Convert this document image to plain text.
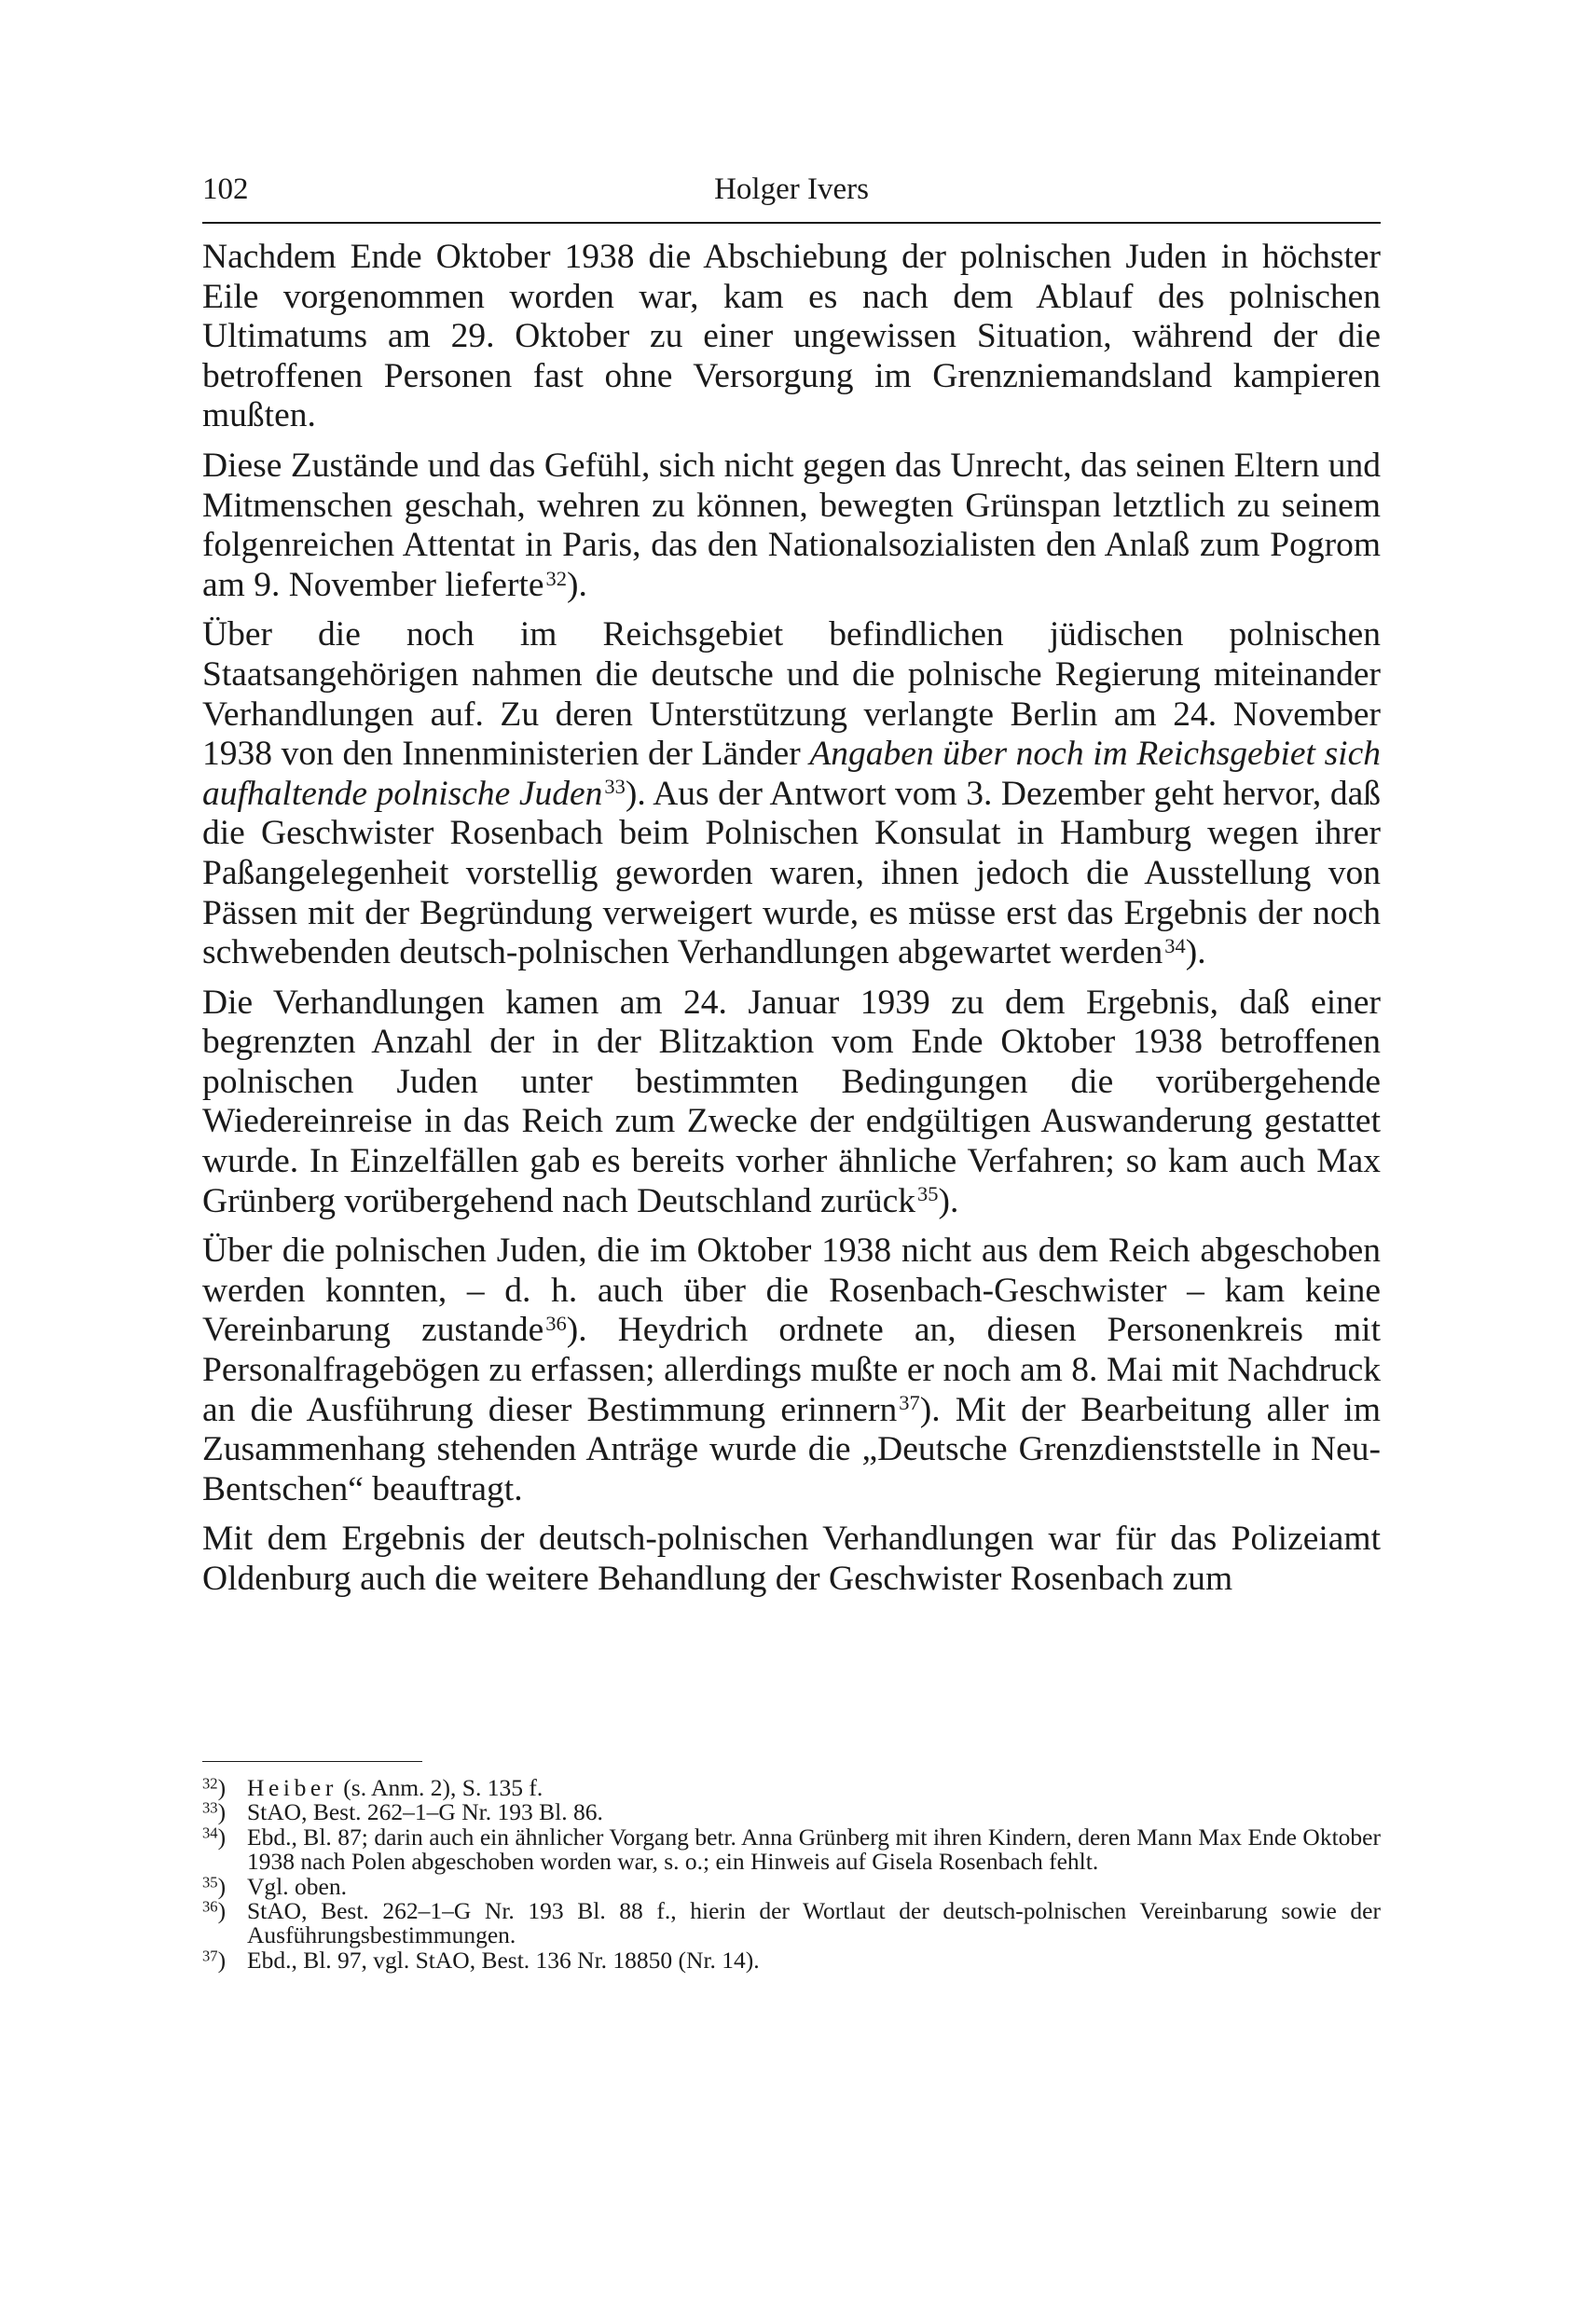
102	Holger Ivers

Nachdem Ende Oktober 1938 die Abschiebung der polnischen Juden in höchster Eile vorgenommen worden war, kam es nach dem Ablauf des polnischen Ultimatums am 29. Oktober zu einer ungewissen Situation, während der die betroffenen Personen fast ohne Versorgung im Grenzniemandsland kampieren mußten.

Diese Zustände und das Gefühl, sich nicht gegen das Unrecht, das seinen Eltern und Mitmenschen geschah, wehren zu können, bewegten Grünspan letztlich zu seinem folgenreichen Attentat in Paris, das den Nationalsozialisten den Anlaß zum Pogrom am 9. November lieferte$^{32}$).

Über die noch im Reichsgebiet befindlichen jüdischen polnischen Staatsangehörigen nahmen die deutsche und die polnische Regierung miteinander Verhandlungen auf. Zu deren Unterstützung verlangte Berlin am 24. November 1938 von den Innenministerien der Länder Angaben über noch im Reichsgebiet sich aufhaltende polnische Juden$^{33}$). Aus der Antwort vom 3. Dezember geht hervor, daß die Geschwister Rosenbach beim Polnischen Konsulat in Hamburg wegen ihrer Paßangelegenheit vorstellig geworden waren, ihnen jedoch die Ausstellung von Pässen mit der Begründung verweigert wurde, es müsse erst das Ergebnis der noch schwebenden deutsch-polnischen Verhandlungen abgewartet werden$^{34}$).

Die Verhandlungen kamen am 24. Januar 1939 zu dem Ergebnis, daß einer begrenzten Anzahl der in der Blitzaktion vom Ende Oktober 1938 betroffenen polnischen Juden unter bestimmten Bedingungen die vorübergehende Wiedereinreise in das Reich zum Zwecke der endgültigen Auswanderung gestattet wurde. In Einzelfällen gab es bereits vorher ähnliche Verfahren; so kam auch Max Grünberg vorübergehend nach Deutschland zurück$^{35}$).

Über die polnischen Juden, die im Oktober 1938 nicht aus dem Reich abgeschoben werden konnten, – d. h. auch über die Rosenbach-Geschwister – kam keine Vereinbarung zustande$^{36}$). Heydrich ordnete an, diesen Personenkreis mit Personalfragebögen zu erfassen; allerdings mußte er noch am 8. Mai mit Nachdruck an die Ausführung dieser Bestimmung erinnern$^{37}$). Mit der Bearbeitung aller im Zusammenhang stehenden Anträge wurde die „Deutsche Grenzdienststelle in Neu-Bentschen“ beauftragt.

Mit dem Ergebnis der deutsch-polnischen Verhandlungen war für das Polizeiamt Oldenburg auch die weitere Behandlung der Geschwister Rosenbach zum

$^{32}$) Heiber (s. Anm. 2), S. 135 f.

$^{33}$) StAO, Best. 262–1–G Nr. 193 Bl. 86.

$^{34}$) Ebd., Bl. 87; darin auch ein ähnlicher Vorgang betr. Anna Grünberg mit ihren Kindern, deren Mann Max Ende Oktober 1938 nach Polen abgeschoben worden war, s. o.; ein Hinweis auf Gisela Rosenbach fehlt.

$^{35}$) Vgl. oben.

$^{36}$) StAO, Best. 262–1–G Nr. 193 Bl. 88 f., hierin der Wortlaut der deutsch-polnischen Vereinbarung sowie der Ausführungsbestimmungen.

$^{37}$) Ebd., Bl. 97, vgl. StAO, Best. 136 Nr. 18850 (Nr. 14).
